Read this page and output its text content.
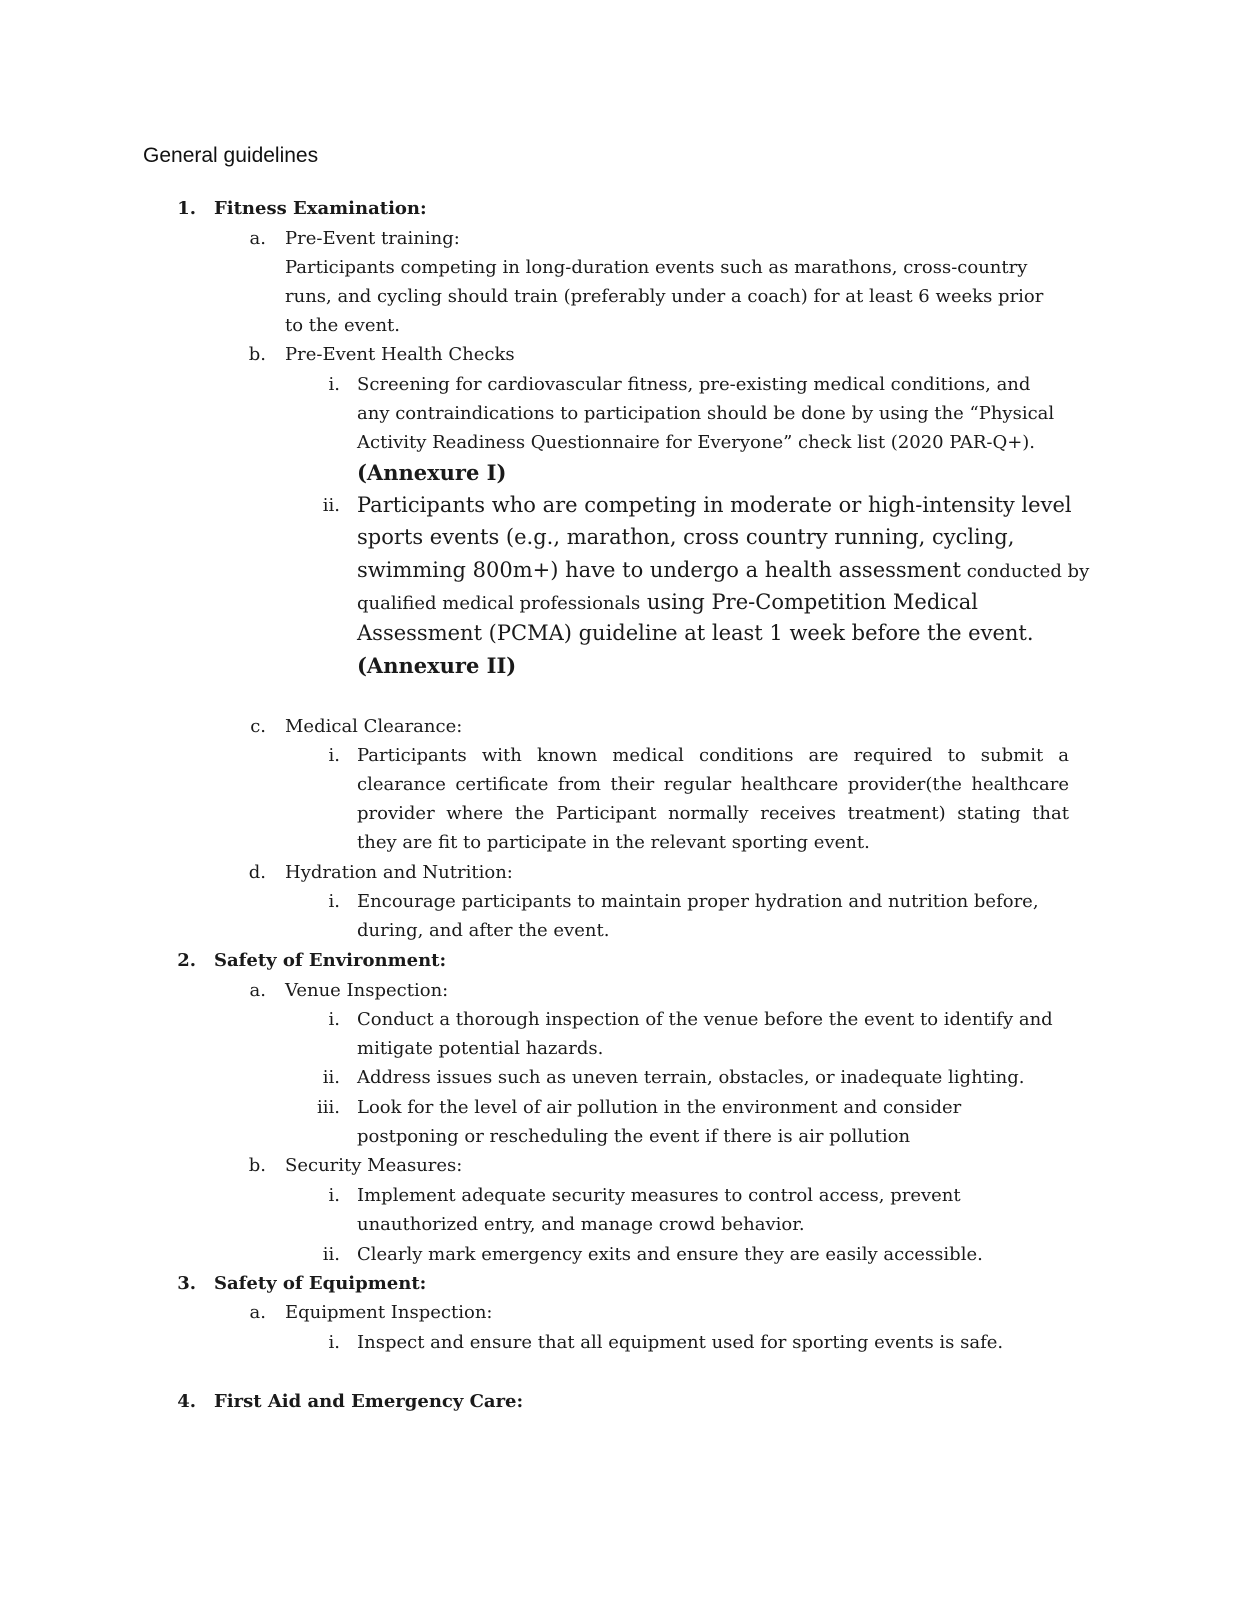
General guidelines
1. Fitness Examination:
a. Pre-Event training:
Participants competing in long-duration events such as marathons, cross-country
runs, and cycling should train (preferably under a coach) for at least 6 weeks prior
to the event.
b. Pre-Event Health Checks
i. Screening for cardiovascular fitness, pre-existing medical conditions, and
any contraindications to participation should be done by using the “Physical
Activity Readiness Questionnaire for Everyone” check list (2020 PAR-Q+).
(Annexure I)
ii. Participants who are competing in moderate or high-intensity level
sports events (e.g., marathon, cross country running, cycling,
swimming 800m+) have to undergo a health assessment conducted by
qualified medical professionals using Pre-Competition Medical
Assessment (PCMA) guideline at least 1 week before the event.
(Annexure II)
c. Medical Clearance:
i. Participants with known medical conditions are required to submit a
clearance certificate from their regular healthcare provider(the healthcare
provider where the Participant normally receives treatment) stating that
they are fit to participate in the relevant sporting event.
d. Hydration and Nutrition:
i. Encourage participants to maintain proper hydration and nutrition before,
during, and after the event.
2. Safety of Environment:
a. Venue Inspection:
i. Conduct a thorough inspection of the venue before the event to identify and
mitigate potential hazards.
ii. Address issues such as uneven terrain, obstacles, or inadequate lighting.
iii. Look for the level of air pollution in the environment and consider
postponing or rescheduling the event if there is air pollution
b. Security Measures:
i. Implement adequate security measures to control access, prevent
unauthorized entry, and manage crowd behavior.
ii. Clearly mark emergency exits and ensure they are easily accessible.
3. Safety of Equipment:
a. Equipment Inspection:
i. Inspect and ensure that all equipment used for sporting events is safe.
4. First Aid and Emergency Care:
